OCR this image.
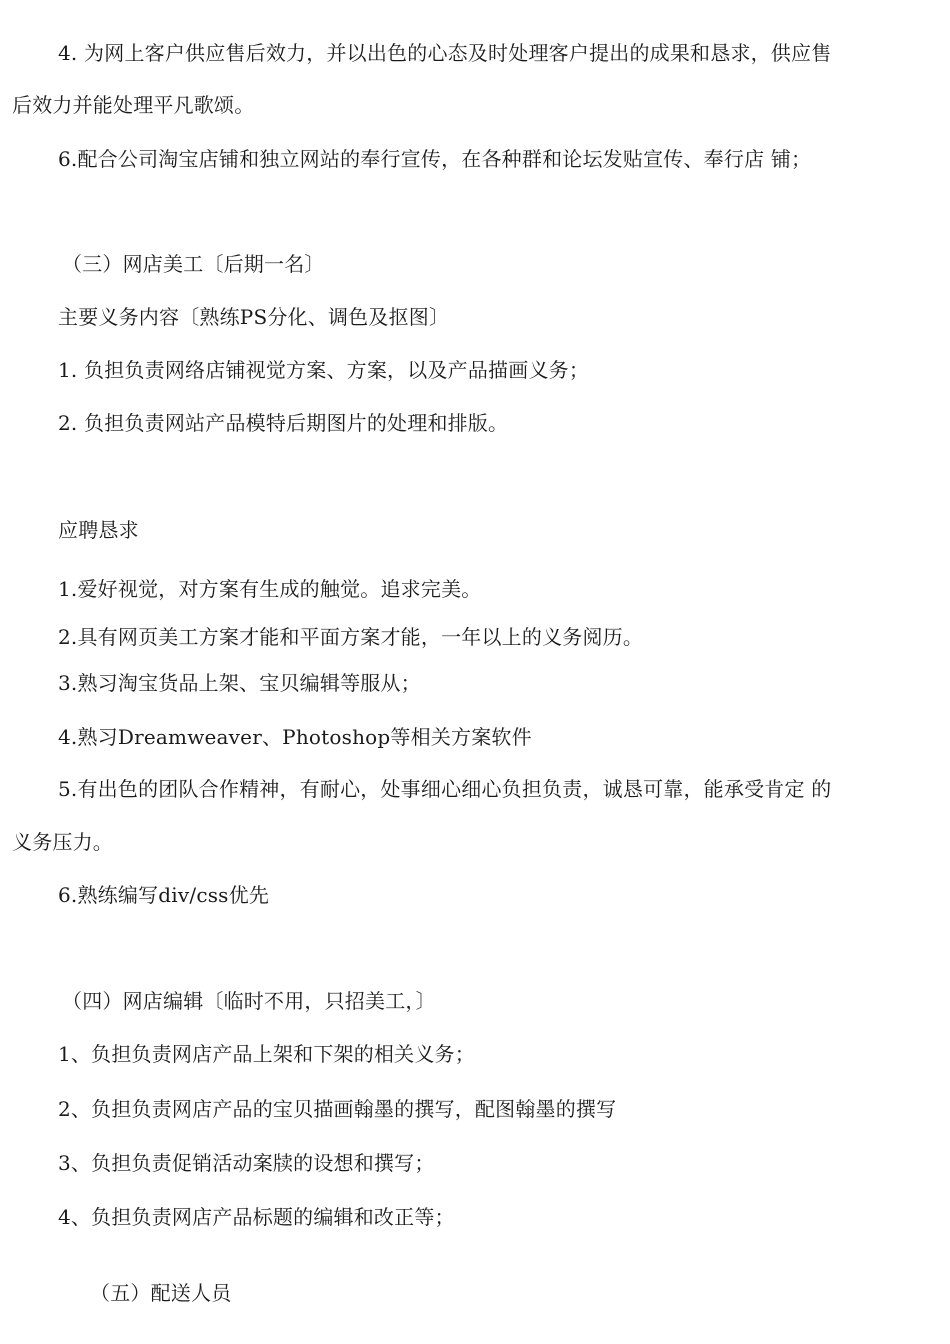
4. 为网上客户供应售后效力，并以出色的心态及时处理客户提出的成果和恳求，供应售
后效力并能处理平凡歌颂。
6.配合公司淘宝店铺和独立网站的奉行宣传，在各种群和论坛发贴宣传、奉行店 铺；
（三）网店美工〔后期一名〕
主要义务内容〔熟练PS分化、调色及抠图〕
1. 负担负责网络店铺视觉方案、方案，以及产品描画义务；
2. 负担负责网站产品模特后期图片的处理和排版。
应聘恳求
1.爱好视觉，对方案有生成的触觉。追求完美。
2.具有网页美工方案才能和平面方案才能，一年以上的义务阅历。
3.熟习淘宝货品上架、宝贝编辑等服从；
4.熟习Dreamweaver、Photoshop等相关方案软件
5.有出色的团队合作精神，有耐心，处事细心细心负担负责，诚恳可靠，能承受肯定 的
义务压力。
6.熟练编写div/css优先
（四）网店编辑〔临时不用，只招美工，〕
1、负担负责网店产品上架和下架的相关义务；
2、负担负责网店产品的宝贝描画翰墨的撰写，配图翰墨的撰写
3、负担负责促销活动案牍的设想和撰写；
4、负担负责网店产品标题的编辑和改正等；
（五）配送人员
